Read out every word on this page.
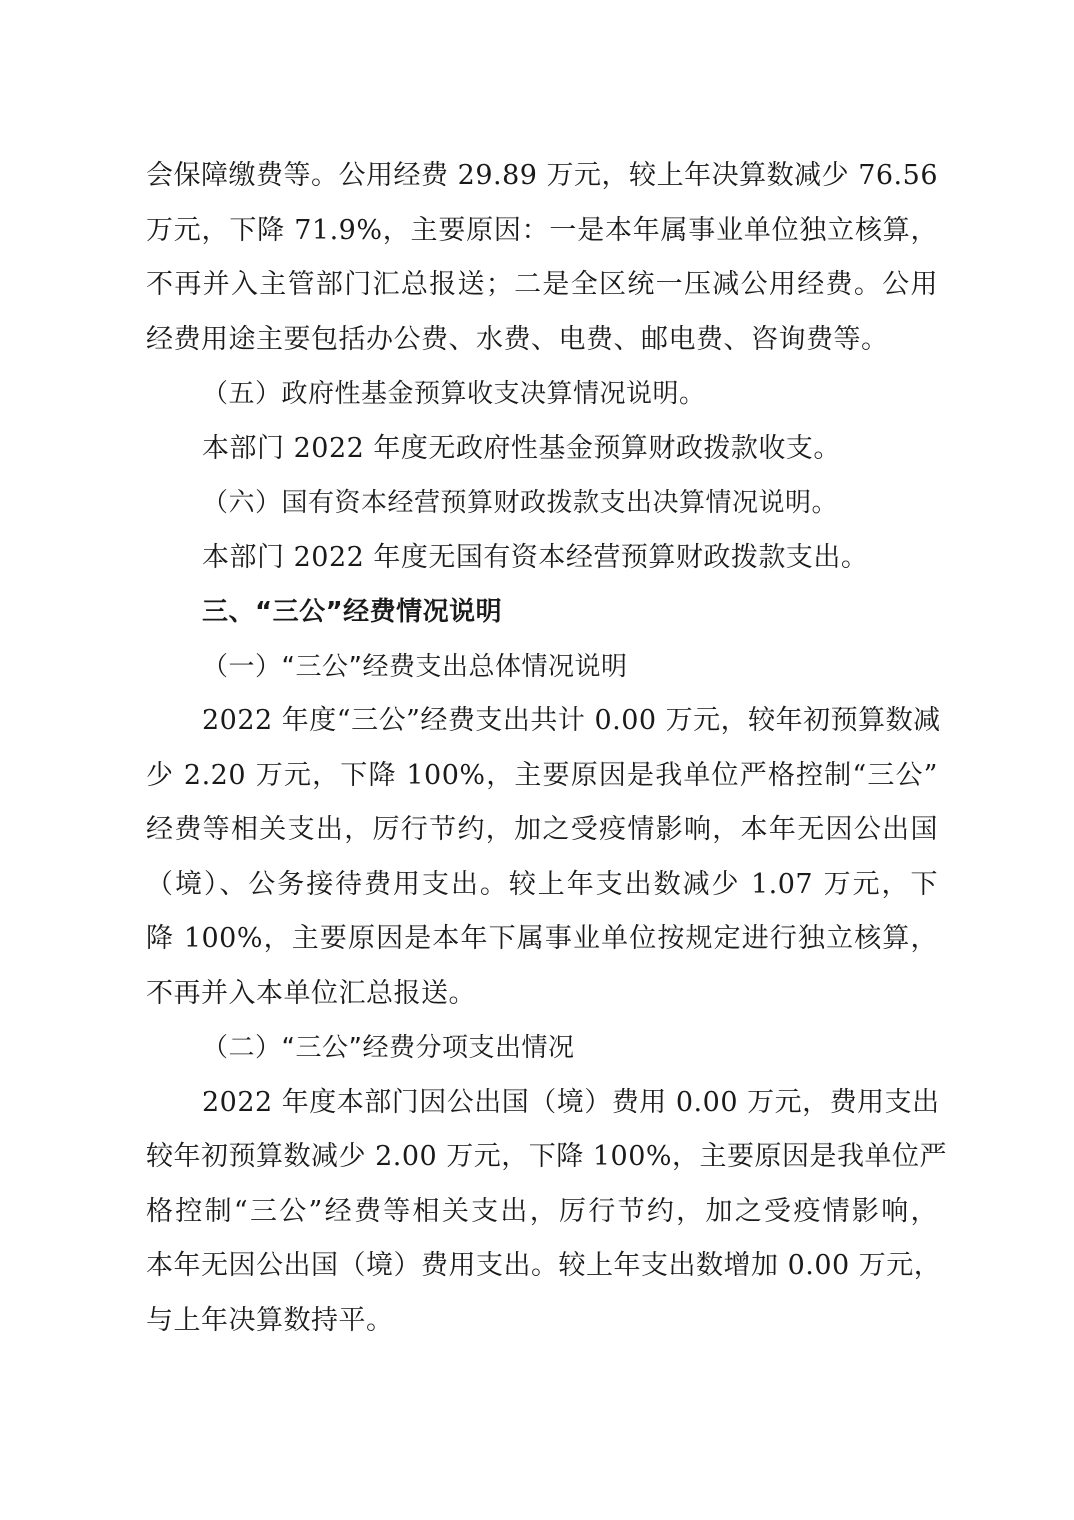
会保障缴费等。公用经费 29.89 万元，较上年决算数减少 76.56
万元，下降 71.9%，主要原因：一是本年属事业单位独立核算，
不再并入主管部门汇总报送；二是全区统一压减公用经费。公用
经费用途主要包括办公费、水费、电费、邮电费、咨询费等。
（五）政府性基金预算收支决算情况说明。
本部门 2022 年度无政府性基金预算财政拨款收支。
（六）国有资本经营预算财政拨款支出决算情况说明。
本部门 2022 年度无国有资本经营预算财政拨款支出。
三、“三公”经费情况说明
（一）“三公”经费支出总体情况说明
2022 年度“三公”经费支出共计 0.00 万元，较年初预算数减
少 2.20 万元，下降 100%，主要原因是我单位严格控制“三公”
经费等相关支出，厉行节约，加之受疫情影响，本年无因公出国
（境）、公务接待费用支出。较上年支出数减少 1.07 万元，下
降 100%，主要原因是本年下属事业单位按规定进行独立核算，
不再并入本单位汇总报送。
（二）“三公”经费分项支出情况
2022 年度本部门因公出国（境）费用 0.00 万元，费用支出
较年初预算数减少 2.00 万元，下降 100%，主要原因是我单位严
格控制“三公”经费等相关支出，厉行节约，加之受疫情影响，
本年无因公出国（境）费用支出。较上年支出数增加 0.00 万元，
与上年决算数持平。
